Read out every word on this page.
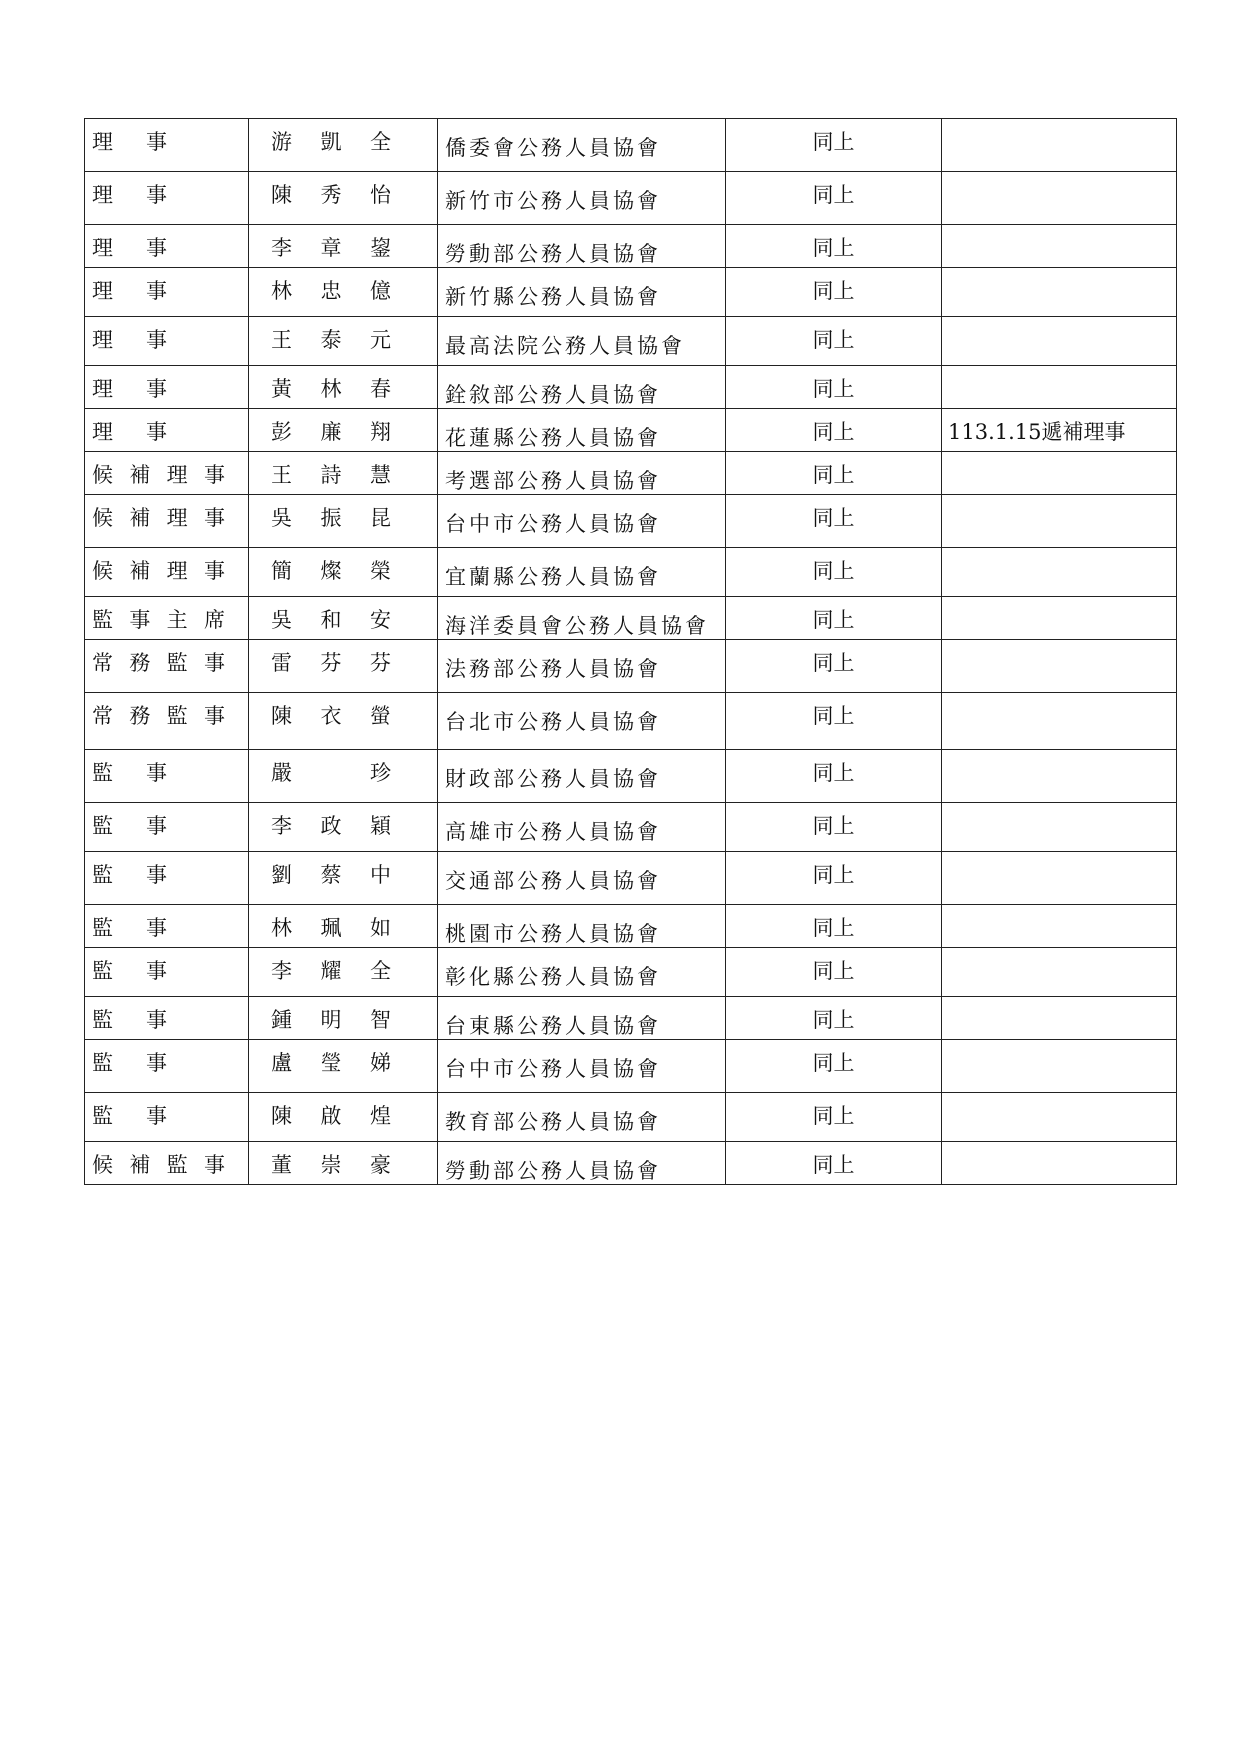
理 事	游 凱 全	僑委會公務人員協會	同上	

理 事	陳 秀 怡	新竹市公務人員協會	同上	

理 事	李 章 鋆	勞動部公務人員協會	同上	

理 事	林 忠 億	新竹縣公務人員協會	同上	

理 事	王 泰 元	最高法院公務人員協會	同上	

理 事	黃 林 春	銓敘部公務人員協會	同上	

理 事	彭 廉 翔	花蓮縣公務人員協會	同上	113.1.15遞補理事

候 補 理 事	王 詩 慧	考選部公務人員協會	同上	

候 補 理 事	吳 振 昆	台中市公務人員協會	同上	

候 補 理 事	簡 燦 榮	宜蘭縣公務人員協會	同上	

監 事 主 席	吳 和 安	海洋委員會公務人員協會	同上	

常 務 監 事	雷 芬 芬	法務部公務人員協會	同上	

常 務 監 事	陳 衣 螢	台北市公務人員協會	同上	

監 事	嚴 珍	財政部公務人員協會	同上	

監 事	李 政 穎	高雄市公務人員協會	同上	

監 事	劉 蔡 中	交通部公務人員協會	同上	

監 事	林 珮 如	桃園市公務人員協會	同上	

監 事	李 耀 全	彰化縣公務人員協會	同上	

監 事	鍾 明 智	台東縣公務人員協會	同上	

監 事	盧 瑩 娣	台中市公務人員協會	同上	

監 事	陳 啟 煌	教育部公務人員協會	同上	

候 補 監 事	董 崇 豪	勞動部公務人員協會	同上	
